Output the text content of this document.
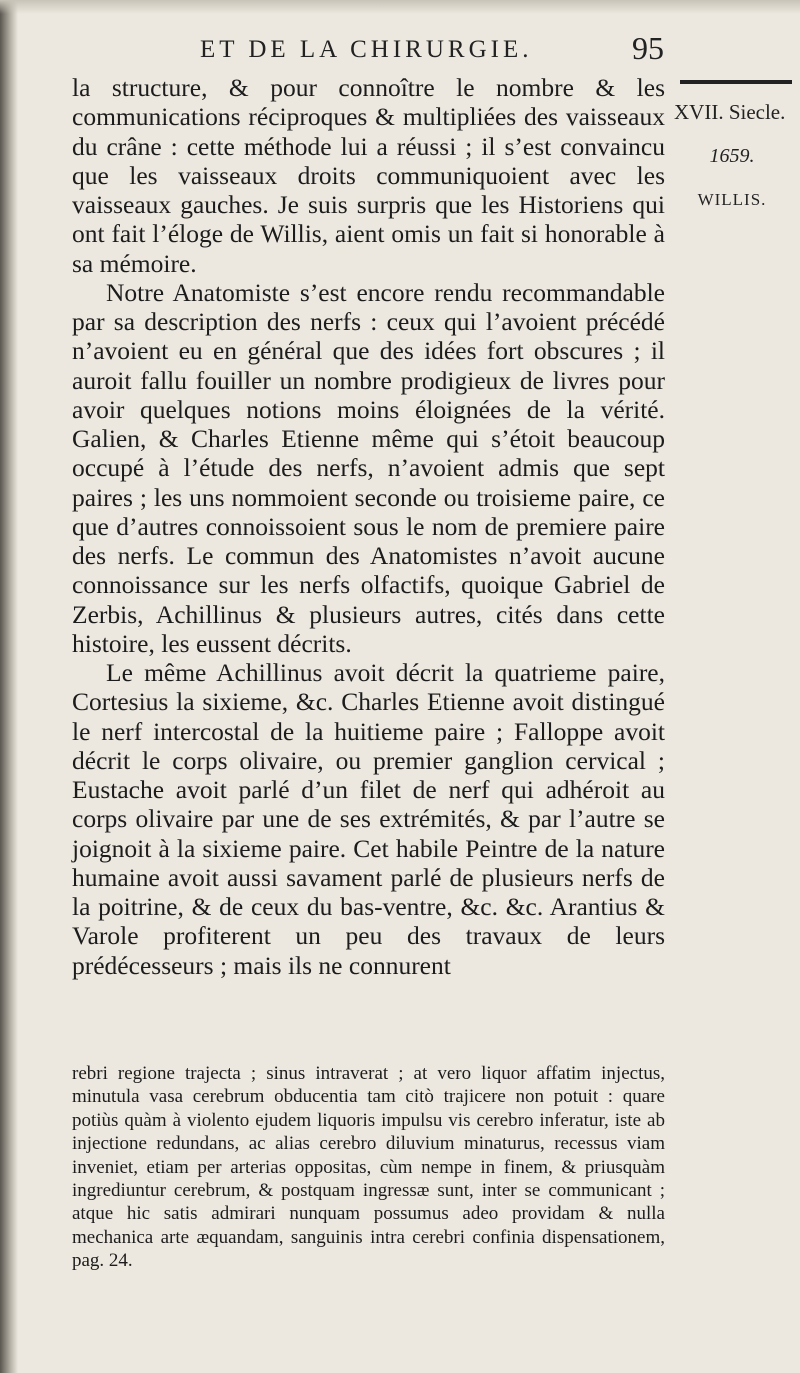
ET DE LA CHIRURGIE.	95
XVII. Siecle.
1659.
WILLIS.

la structure, & pour connoître le nombre & les communications réciproques & multipliées des vaisseaux du crâne : cette méthode lui a réussi ; il s’est convaincu que les vaisseaux droits communiquoient avec les vaisseaux gauches. Je suis surpris que les Historiens qui ont fait l’éloge de Willis, aient omis un fait si honorable à sa mémoire.

Notre Anatomiste s’est encore rendu recommandable par sa description des nerfs : ceux qui l’avoient précédé n’avoient eu en général que des idées fort obscures ; il auroit fallu fouiller un nombre prodigieux de livres pour avoir quelques notions moins éloignées de la vérité. Galien, & Charles Etienne même qui s’étoit beaucoup occupé à l’étude des nerfs, n’avoient admis que sept paires ; les uns nommoient seconde ou troisieme paire, ce que d’autres connoissoient sous le nom de premiere paire des nerfs. Le commun des Anatomistes n’avoit aucune connoissance sur les nerfs olfactifs, quoique Gabriel de Zerbis, Achillinus & plusieurs autres, cités dans cette histoire, les eussent décrits.

Le même Achillinus avoit décrit la quatrieme paire, Cortesius la sixieme, &c. Charles Etienne avoit distingué le nerf intercostal de la huitieme paire ; Falloppe avoit décrit le corps olivaire, ou premier ganglion cervical ; Eustache avoit parlé d’un filet de nerf qui adhéroit au corps olivaire par une de ses extrémités, & par l’autre se joignoit à la sixieme paire. Cet habile Peintre de la nature humaine avoit aussi savament parlé de plusieurs nerfs de la poitrine, & de ceux du bas-ventre, &c. &c. Arantius & Varole profiterent un peu des travaux de leurs prédécesseurs ; mais ils ne connurent

rebri regione trajecta ; sinus intraverat ; at vero liquor affatim injectus, minutula vasa cerebrum obducentia tam citò trajicere non potuit : quare potiùs quàm à violento ejudem liquoris impulsu vis cerebro inferatur, iste ab injectione redundans, ac alias cerebro diluvium minaturus, recessus viam inveniet, etiam per arterias oppositas, cùm nempe in finem, & priusquàm ingrediuntur cerebrum, & postquam ingressæ sunt, inter se communicant ; atque hic satis admirari nunquam possumus adeo providam & nulla mechanica arte æquandam, sanguinis intra cerebri confinia dispensationem, pag. 24.
